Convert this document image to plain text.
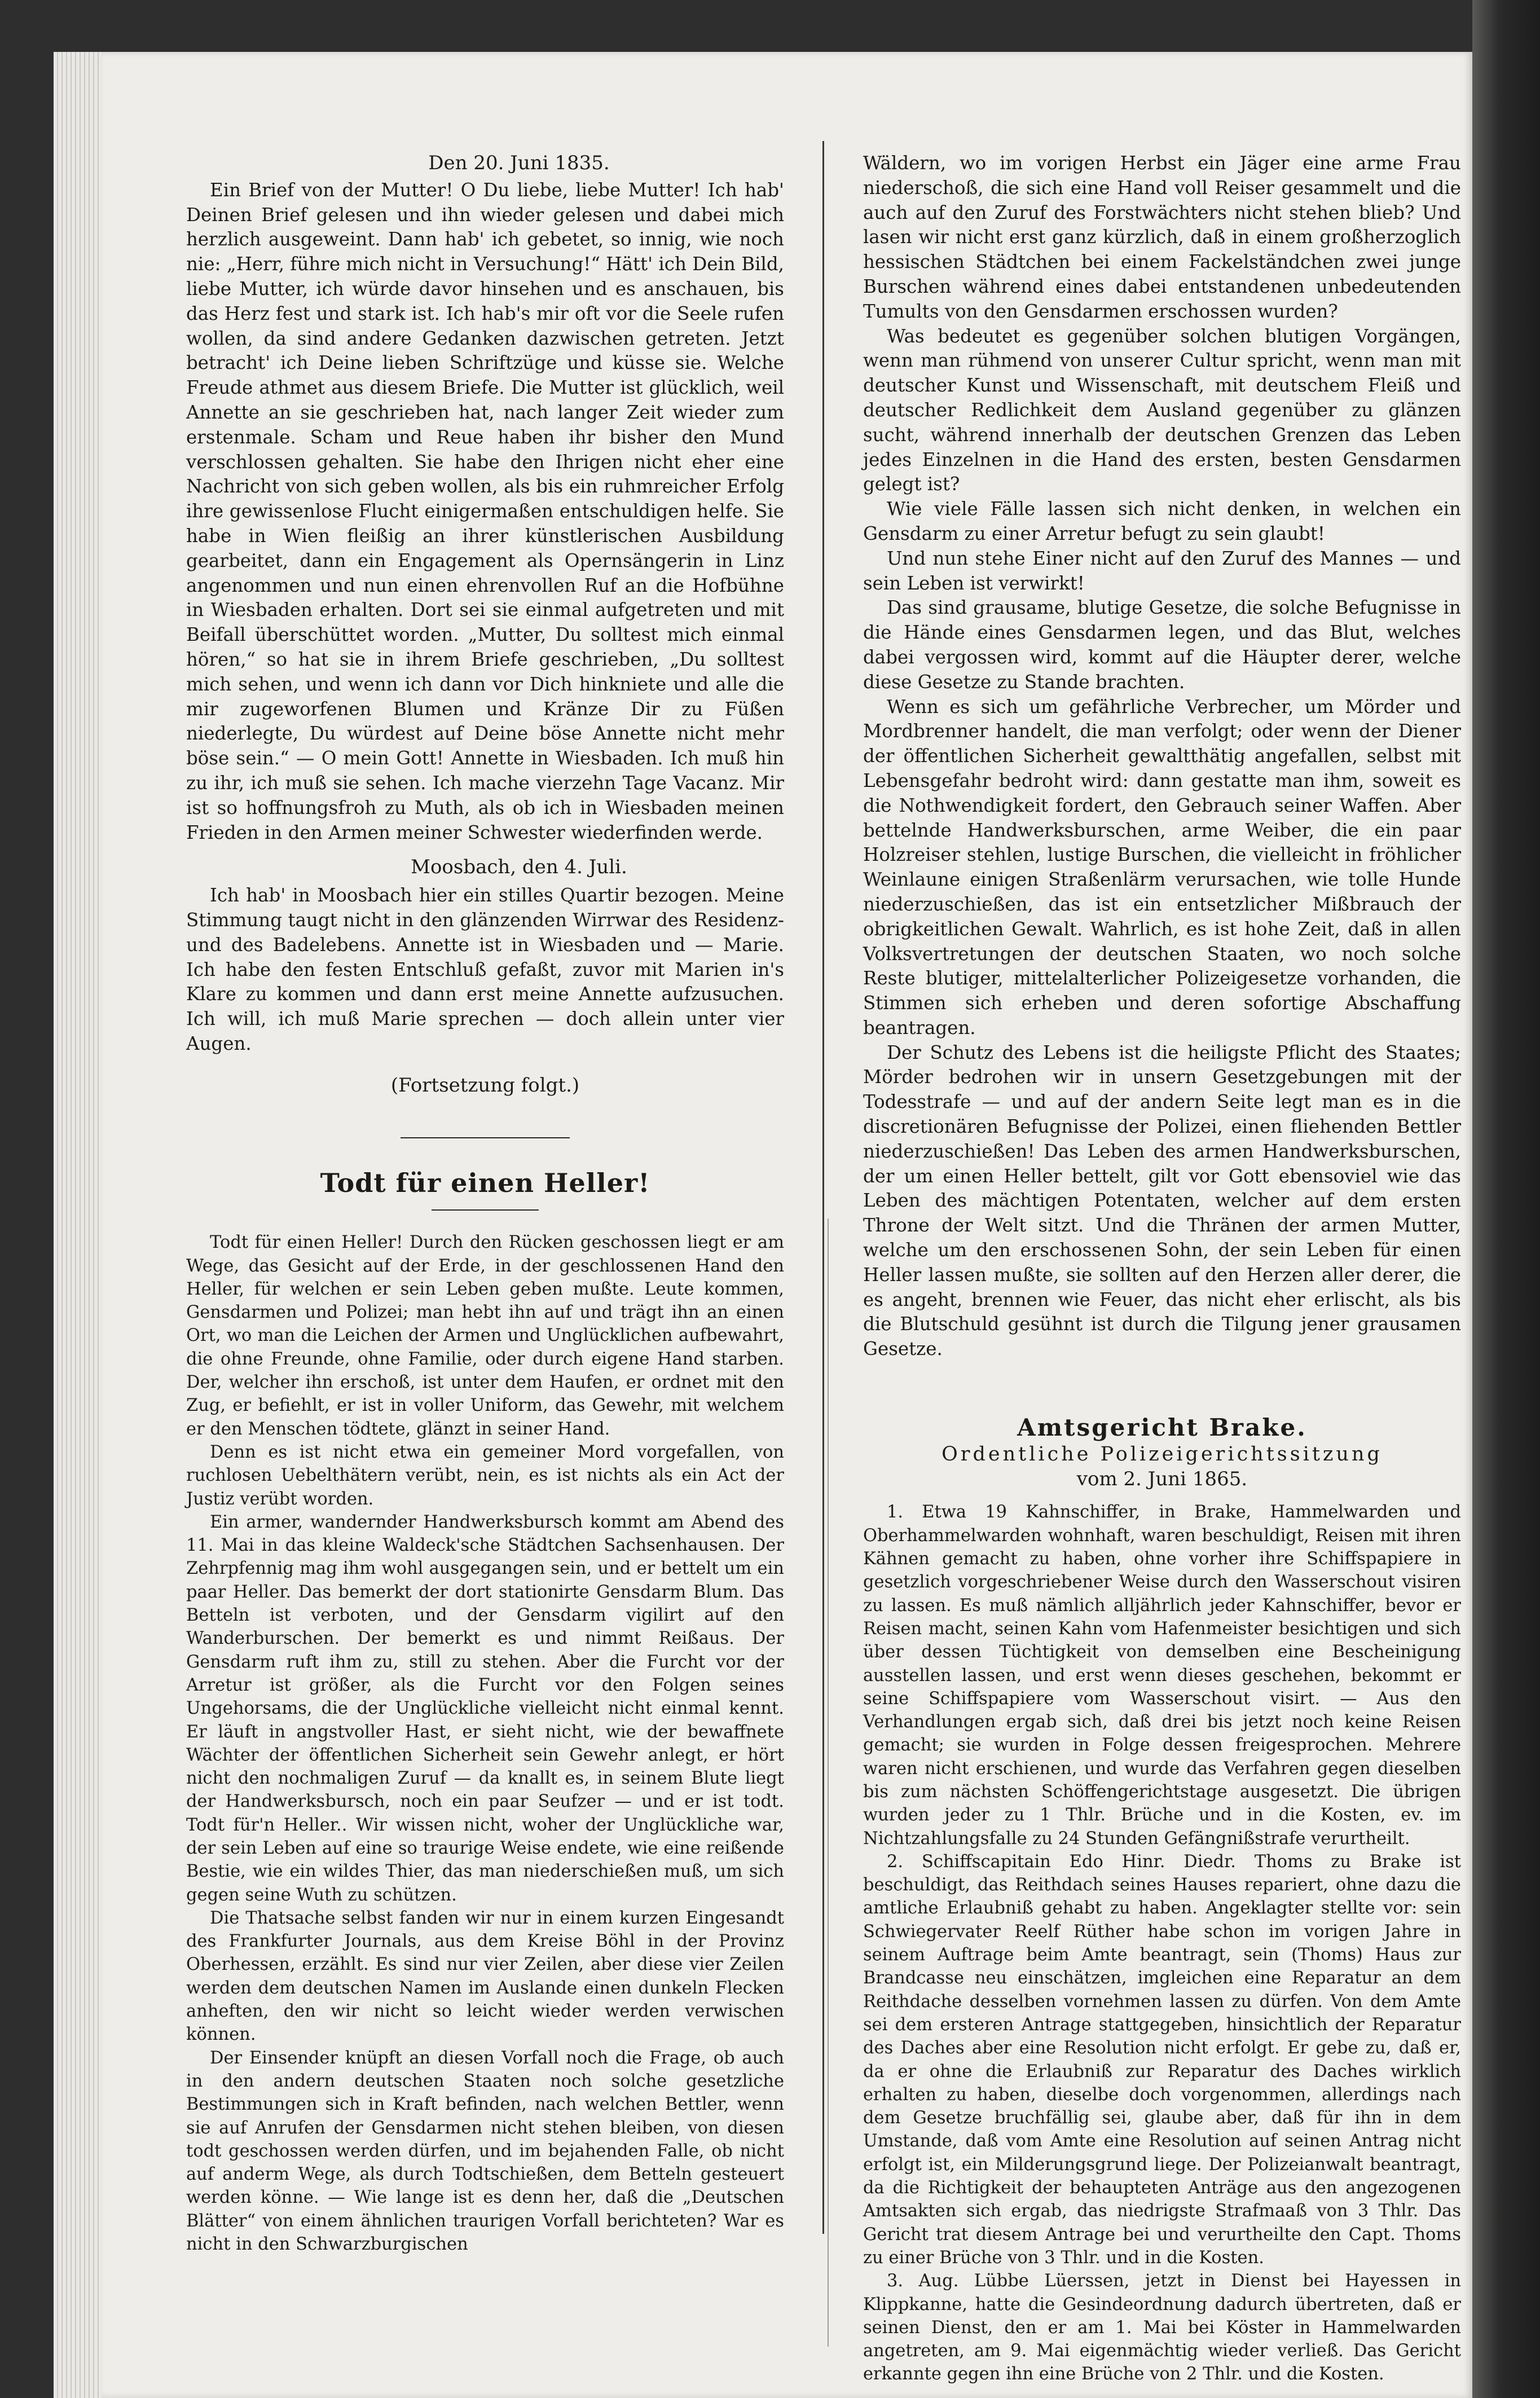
Den 20. Juni 1835.

Ein Brief von der Mutter! O Du liebe, liebe Mutter! Ich hab' Deinen Brief gelesen und ihn wieder gelesen und dabei mich herzlich ausgeweint. Dann hab' ich gebetet, so innig, wie noch nie: „Herr, führe mich nicht in Versuchung!“ Hätt' ich Dein Bild, liebe Mutter, ich würde davor hinsehen und es anschauen, bis das Herz fest und stark ist. Ich hab's mir oft vor die Seele rufen wollen, da sind andere Gedanken dazwischen getreten. Jetzt betracht' ich Deine lieben Schriftzüge und küsse sie. Welche Freude athmet aus diesem Briefe. Die Mutter ist glücklich, weil Annette an sie geschrieben hat, nach langer Zeit wieder zum erstenmale. Scham und Reue haben ihr bisher den Mund verschlossen gehalten. Sie habe den Ihrigen nicht eher eine Nachricht von sich geben wollen, als bis ein ruhmreicher Erfolg ihre gewissenlose Flucht einigermaßen entschuldigen helfe. Sie habe in Wien fleißig an ihrer künstlerischen Ausbildung gearbeitet, dann ein Engagement als Opernsängerin in Linz angenommen und nun einen ehrenvollen Ruf an die Hofbühne in Wiesbaden erhalten. Dort sei sie einmal aufgetreten und mit Beifall überschüttet worden. „Mutter, Du solltest mich einmal hören,“ so hat sie in ihrem Briefe geschrieben, „Du solltest mich sehen, und wenn ich dann vor Dich hinkniete und alle die mir zugeworfenen Blumen und Kränze Dir zu Füßen niederlegte, Du würdest auf Deine böse Annette nicht mehr böse sein.“ — O mein Gott! Annette in Wiesbaden. Ich muß hin zu ihr, ich muß sie sehen. Ich mache vierzehn Tage Vacanz. Mir ist so hoffnungsfroh zu Muth, als ob ich in Wiesbaden meinen Frieden in den Armen meiner Schwester wiederfinden werde.

Moosbach, den 4. Juli.

Ich hab' in Moosbach hier ein stilles Quartir bezogen. Meine Stimmung taugt nicht in den glänzenden Wirrwar des Residenz- und des Badelebens. Annette ist in Wiesbaden und — Marie. Ich habe den festen Entschluß gefaßt, zuvor mit Marien in's Klare zu kommen und dann erst meine Annette aufzusuchen. Ich will, ich muß Marie sprechen — doch allein unter vier Augen.

(Fortsetzung folgt.)

Todt für einen Heller!

Todt für einen Heller! Durch den Rücken geschossen liegt er am Wege, das Gesicht auf der Erde, in der geschlossenen Hand den Heller, für welchen er sein Leben geben mußte. Leute kommen, Gensdarmen und Polizei; man hebt ihn auf und trägt ihn an einen Ort, wo man die Leichen der Armen und Unglücklichen aufbewahrt, die ohne Freunde, ohne Familie, oder durch eigene Hand starben. Der, welcher ihn erschoß, ist unter dem Haufen, er ordnet mit den Zug, er befiehlt, er ist in voller Uniform, das Gewehr, mit welchem er den Menschen tödtete, glänzt in seiner Hand.

Denn es ist nicht etwa ein gemeiner Mord vorgefallen, von ruchlosen Uebelthätern verübt, nein, es ist nichts als ein Act der Justiz verübt worden.

Ein armer, wandernder Handwerksbursch kommt am Abend des 11. Mai in das kleine Waldeck'sche Städtchen Sachsenhausen. Der Zehrpfennig mag ihm wohl ausgegangen sein, und er bettelt um ein paar Heller. Das bemerkt der dort stationirte Gensdarm Blum. Das Betteln ist verboten, und der Gensdarm vigilirt auf den Wanderburschen. Der bemerkt es und nimmt Reißaus. Der Gensdarm ruft ihm zu, still zu stehen. Aber die Furcht vor der Arretur ist größer, als die Furcht vor den Folgen seines Ungehorsams, die der Unglückliche vielleicht nicht einmal kennt. Er läuft in angstvoller Hast, er sieht nicht, wie der bewaffnete Wächter der öffentlichen Sicherheit sein Gewehr anlegt, er hört nicht den nochmaligen Zuruf — da knallt es, in seinem Blute liegt der Handwerksbursch, noch ein paar Seufzer — und er ist todt. Todt für'n Heller.. Wir wissen nicht, woher der Unglückliche war, der sein Leben auf eine so traurige Weise endete, wie eine reißende Bestie, wie ein wildes Thier, das man niederschießen muß, um sich gegen seine Wuth zu schützen.

Die Thatsache selbst fanden wir nur in einem kurzen Eingesandt des Frankfurter Journals, aus dem Kreise Böhl in der Provinz Oberhessen, erzählt. Es sind nur vier Zeilen, aber diese vier Zeilen werden dem deutschen Namen im Auslande einen dunkeln Flecken anheften, den wir nicht so leicht wieder werden verwischen können.

Der Einsender knüpft an diesen Vorfall noch die Frage, ob auch in den andern deutschen Staaten noch solche gesetzliche Bestimmungen sich in Kraft befinden, nach welchen Bettler, wenn sie auf Anrufen der Gensdarmen nicht stehen bleiben, von diesen todt geschossen werden dürfen, und im bejahenden Falle, ob nicht auf anderm Wege, als durch Todtschießen, dem Betteln gesteuert werden könne. — Wie lange ist es denn her, daß die „Deutschen Blätter“ von einem ähnlichen traurigen Vorfall berichteten? War es nicht in den Schwarzburgischen

Wäldern, wo im vorigen Herbst ein Jäger eine arme Frau niederschoß, die sich eine Hand voll Reiser gesammelt und die auch auf den Zuruf des Forstwächters nicht stehen blieb? Und lasen wir nicht erst ganz kürzlich, daß in einem großherzoglich hessischen Städtchen bei einem Fackelständchen zwei junge Burschen während eines dabei entstandenen unbedeutenden Tumults von den Gensdarmen erschossen wurden?

Was bedeutet es gegenüber solchen blutigen Vorgängen, wenn man rühmend von unserer Cultur spricht, wenn man mit deutscher Kunst und Wissenschaft, mit deutschem Fleiß und deutscher Redlichkeit dem Ausland gegenüber zu glänzen sucht, während innerhalb der deutschen Grenzen das Leben jedes Einzelnen in die Hand des ersten, besten Gensdarmen gelegt ist?

Wie viele Fälle lassen sich nicht denken, in welchen ein Gensdarm zu einer Arretur befugt zu sein glaubt!

Und nun stehe Einer nicht auf den Zuruf des Mannes — und sein Leben ist verwirkt!

Das sind grausame, blutige Gesetze, die solche Befugnisse in die Hände eines Gensdarmen legen, und das Blut, welches dabei vergossen wird, kommt auf die Häupter derer, welche diese Gesetze zu Stande brachten.

Wenn es sich um gefährliche Verbrecher, um Mörder und Mordbrenner handelt, die man verfolgt; oder wenn der Diener der öffentlichen Sicherheit gewaltthätig angefallen, selbst mit Lebensgefahr bedroht wird: dann gestatte man ihm, soweit es die Nothwendigkeit fordert, den Gebrauch seiner Waffen. Aber bettelnde Handwerksburschen, arme Weiber, die ein paar Holzreiser stehlen, lustige Burschen, die vielleicht in fröhlicher Weinlaune einigen Straßenlärm verursachen, wie tolle Hunde niederzuschießen, das ist ein entsetzlicher Mißbrauch der obrigkeitlichen Gewalt. Wahrlich, es ist hohe Zeit, daß in allen Volksvertretungen der deutschen Staaten, wo noch solche Reste blutiger, mittelalterlicher Polizeigesetze vorhanden, die Stimmen sich erheben und deren sofortige Abschaffung beantragen.

Der Schutz des Lebens ist die heiligste Pflicht des Staates; Mörder bedrohen wir in unsern Gesetzgebungen mit der Todesstrafe — und auf der andern Seite legt man es in die discretionären Befugnisse der Polizei, einen fliehenden Bettler niederzuschießen! Das Leben des armen Handwerksburschen, der um einen Heller bettelt, gilt vor Gott ebensoviel wie das Leben des mächtigen Potentaten, welcher auf dem ersten Throne der Welt sitzt. Und die Thränen der armen Mutter, welche um den erschossenen Sohn, der sein Leben für einen Heller lassen mußte, sie sollten auf den Herzen aller derer, die es angeht, brennen wie Feuer, das nicht eher erlischt, als bis die Blutschuld gesühnt ist durch die Tilgung jener grausamen Gesetze.

Amtsgericht Brake.

Ordentliche Polizeigerichtssitzung

vom 2. Juni 1865.

1. Etwa 19 Kahnschiffer, in Brake, Hammelwarden und Oberhammelwarden wohnhaft, waren beschuldigt, Reisen mit ihren Kähnen gemacht zu haben, ohne vorher ihre Schiffspapiere in gesetzlich vorgeschriebener Weise durch den Wasserschout visiren zu lassen. Es muß nämlich alljährlich jeder Kahnschiffer, bevor er Reisen macht, seinen Kahn vom Hafenmeister besichtigen und sich über dessen Tüchtigkeit von demselben eine Bescheinigung ausstellen lassen, und erst wenn dieses geschehen, bekommt er seine Schiffspapiere vom Wasserschout visirt. — Aus den Verhandlungen ergab sich, daß drei bis jetzt noch keine Reisen gemacht; sie wurden in Folge dessen freigesprochen. Mehrere waren nicht erschienen, und wurde das Verfahren gegen dieselben bis zum nächsten Schöffengerichtstage ausgesetzt. Die übrigen wurden jeder zu 1 Thlr. Brüche und in die Kosten, ev. im Nichtzahlungsfalle zu 24 Stunden Gefängnißstrafe verurtheilt.

2. Schiffscapitain Edo Hinr. Diedr. Thoms zu Brake ist beschuldigt, das Reithdach seines Hauses repariert, ohne dazu die amtliche Erlaubniß gehabt zu haben. Angeklagter stellte vor: sein Schwiegervater Reelf Rüther habe schon im vorigen Jahre in seinem Auftrage beim Amte beantragt, sein (Thoms) Haus zur Brandcasse neu einschätzen, imgleichen eine Reparatur an dem Reithdache desselben vornehmen lassen zu dürfen. Von dem Amte sei dem ersteren Antrage stattgegeben, hinsichtlich der Reparatur des Daches aber eine Resolution nicht erfolgt. Er gebe zu, daß er, da er ohne die Erlaubniß zur Reparatur des Daches wirklich erhalten zu haben, dieselbe doch vorgenommen, allerdings nach dem Gesetze bruchfällig sei, glaube aber, daß für ihn in dem Umstande, daß vom Amte eine Resolution auf seinen Antrag nicht erfolgt ist, ein Milderungsgrund liege. Der Polizeianwalt beantragt, da die Richtigkeit der behaupteten Anträge aus den angezogenen Amtsakten sich ergab, das niedrigste Strafmaaß von 3 Thlr. Das Gericht trat diesem Antrage bei und verurtheilte den Capt. Thoms zu einer Brüche von 3 Thlr. und in die Kosten.

3. Aug. Lübbe Lüerssen, jetzt in Dienst bei Hayessen in Klippkanne, hatte die Gesindeordnung dadurch übertreten, daß er seinen Dienst, den er am 1. Mai bei Köster in Hammelwarden angetreten, am 9. Mai eigenmächtig wieder verließ. Das Gericht erkannte gegen ihn eine Brüche von 2 Thlr. und die Kosten.
